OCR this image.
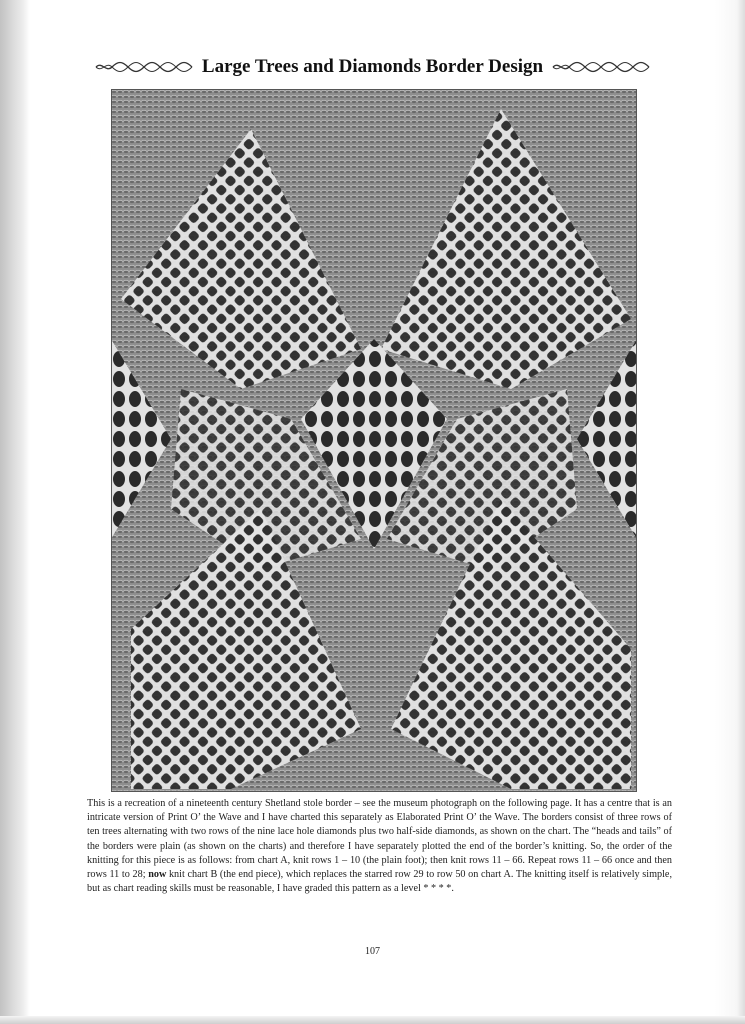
Large Trees and Diamonds Border Design

This is a recreation of a nineteenth century Shetland stole border – see the museum photograph on the following page. It has a centre that is an intricate version of Print O’ the Wave and I have charted this separately as Elaborated Print O’ the Wave. The borders consist of three rows of ten trees alternating with two rows of the nine lace hole diamonds plus two half-side diamonds, as shown on the chart. The “heads and tails” of the borders were plain (as shown on the charts) and therefore I have separately plotted the end of the border’s knitting. So, the order of the knitting for this piece is as follows: from chart A, knit rows 1 – 10 (the plain foot); then knit rows 11 – 66. Repeat rows 11 – 66 once and then rows 11 to 28; now knit chart B (the end piece), which replaces the starred row 29 to row 50 on chart A. The knitting itself is relatively simple, but as chart reading skills must be reasonable, I have graded this pattern as a level * * * *.

107
